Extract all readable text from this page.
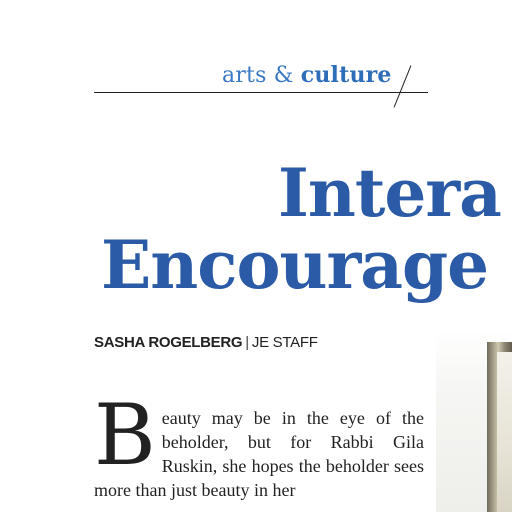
arts & culture
Intera
Encourage
SASHA ROGELBERG | JE STAFF
Beauty may be in the eye of the beholder, but for Rabbi Gila Ruskin, she hopes the beholder sees more than just beauty in her
